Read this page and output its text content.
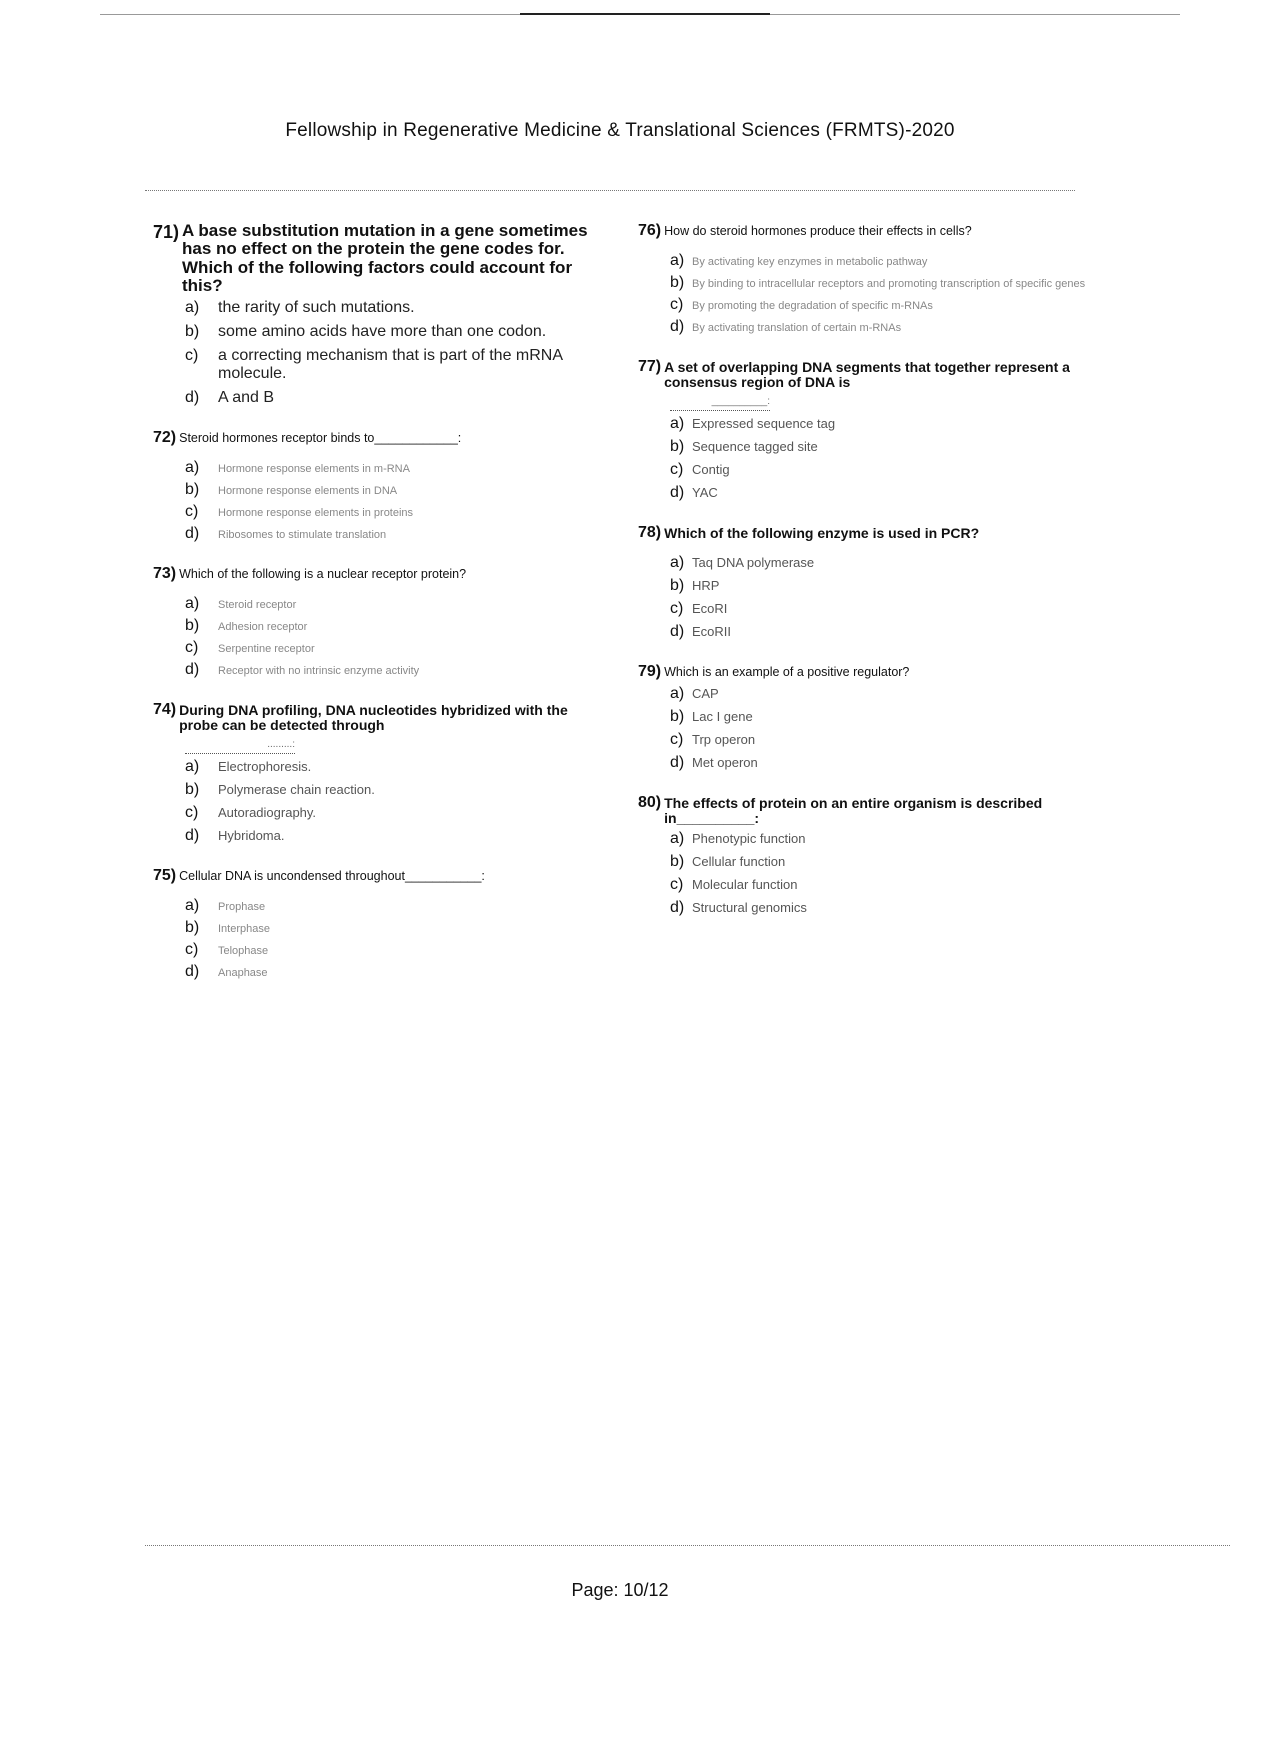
Fellowship in Regenerative Medicine & Translational Sciences (FRMTS)-2020
71) A base substitution mutation in a gene sometimes has no effect on the protein the gene codes for. Which of the following factors could account for this?
a)	the rarity of such mutations.
b)	some amino acids have more than one codon.
c)	a correcting mechanism that is part of the mRNA molecule.
d)	A and B
72) Steroid hormones receptor binds to____________:
a)	Hormone response elements in m-RNA
b)	Hormone response elements in DNA
c)	Hormone response elements in proteins
d)	Ribosomes to stimulate translation
73) Which of the following is a nuclear receptor protein?
a)	Steroid receptor
b)	Adhesion receptor
c)	Serpentine receptor
d)	Receptor with no intrinsic enzyme activity
74) During DNA profiling, DNA nucleotides hybridized with the probe can be detected through
.........:
a)	Electrophoresis.
b)	Polymerase chain reaction.
c)	Autoradiography.
d)	Hybridoma.
75) Cellular DNA is uncondensed throughout___________:
a)	Prophase
b)	Interphase
c)	Telophase
d)	Anaphase
76) How do steroid hormones produce their effects in cells?
a) By activating key enzymes in metabolic pathway
b) By binding to intracellular receptors and promoting transcription of specific genes
c) By promoting the degradation of specific m-RNAs
d) By activating translation of certain m-RNAs
77) A set of overlapping DNA segments that together represent a consensus region of DNA is
__________:
a) Expressed sequence tag
b) Sequence tagged site
c) Contig
d) YAC
78) Which of the following enzyme is used in PCR?
a) Taq DNA polymerase
b) HRP
c) EcoRI
d) EcoRII
79) Which is an example of a positive regulator?
a) CAP
b) Lac I gene
c) Trp operon
d) Met operon
80) The effects of protein on an entire organism is described in__________:
a) Phenotypic function
b) Cellular function
c) Molecular function
d) Structural genomics
Page: 10/12
